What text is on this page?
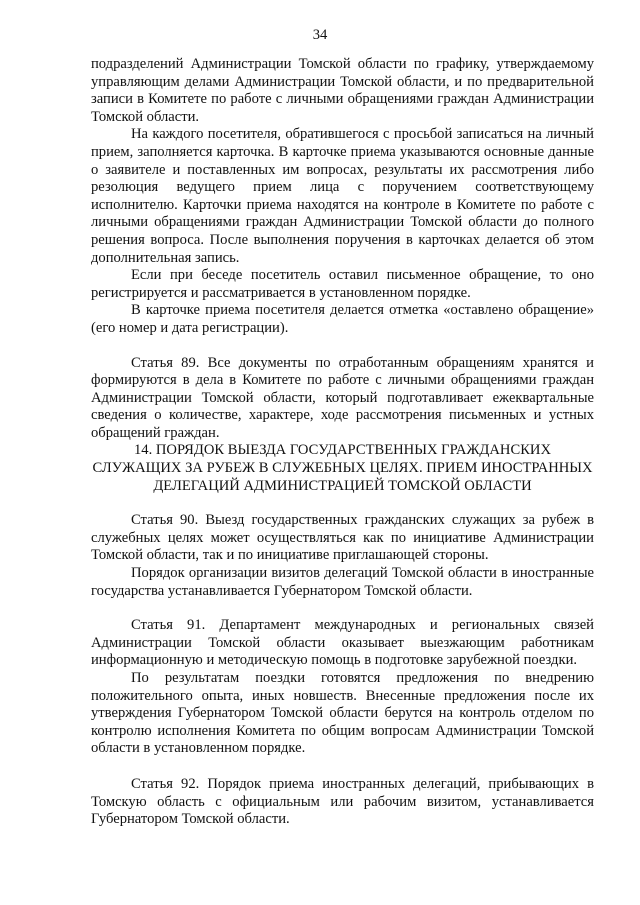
34

подразделений Администрации Томской области по графику, утверждаемому управляющим делами Администрации Томской области, и по предварительной записи в Комитете по работе с личными обращениями граждан Администрации Томской области.

На каждого посетителя, обратившегося с просьбой записаться на личный прием, заполняется карточка. В карточке приема указываются основные данные о заявителе и поставленных им вопросах, результаты их рассмотрения либо резолюция ведущего прием лица с поручением соответствующему исполнителю. Карточки приема находятся на контроле в Комитете по работе с личными обращениями граждан Администрации Томской области до полного решения вопроса. После выполнения поручения в карточках делается об этом дополнительная запись.

Если при беседе посетитель оставил письменное обращение, то оно регистрируется и рассматривается в установленном порядке.

В карточке приема посетителя делается отметка «оставлено обращение» (его номер и дата регистрации).

Статья 89. Все документы по отработанным обращениям хранятся и формируются в дела в Комитете по работе с личными обращениями граждан Администрации Томской области, который подготавливает ежеквартальные сведения о количестве, характере, ходе рассмотрения письменных и устных обращений граждан.

14. ПОРЯДОК ВЫЕЗДА ГОСУДАРСТВЕННЫХ ГРАЖДАНСКИХ СЛУЖАЩИХ ЗА РУБЕЖ В СЛУЖЕБНЫХ ЦЕЛЯХ. ПРИЕМ ИНОСТРАННЫХ ДЕЛЕГАЦИЙ АДМИНИСТРАЦИЕЙ ТОМСКОЙ ОБЛАСТИ

Статья 90. Выезд государственных гражданских служащих за рубеж в служебных целях может осуществляться как по инициативе Администрации Томской области, так и по инициативе приглашающей стороны.

Порядок организации визитов делегаций Томской области в иностранные государства устанавливается Губернатором Томской области.

Статья 91. Департамент международных и региональных связей Администрации Томской области оказывает выезжающим работникам информационную и методическую помощь в подготовке зарубежной поездки.

По результатам поездки готовятся предложения по внедрению положительного опыта, иных новшеств. Внесенные предложения после их утверждения Губернатором Томской области берутся на контроль отделом по контролю исполнения Комитета по общим вопросам Администрации Томской области в установленном порядке.

Статья 92. Порядок приема иностранных делегаций, прибывающих в Томскую область с официальным или рабочим визитом, устанавливается Губернатором Томской области.
